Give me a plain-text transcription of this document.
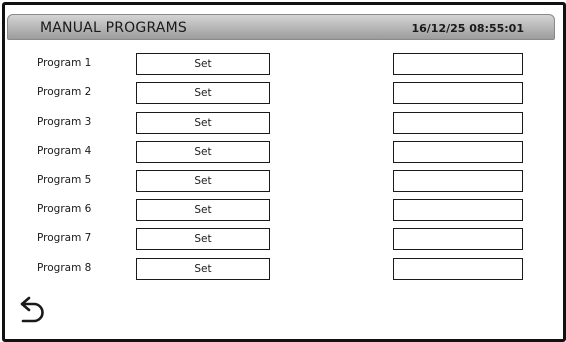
MANUAL PROGRAMS	16/12/25 08:55:01
Program 1	Set
Program 2	Set
Program 3	Set
Program 4	Set
Program 5	Set
Program 6	Set
Program 7	Set
Program 8	Set
